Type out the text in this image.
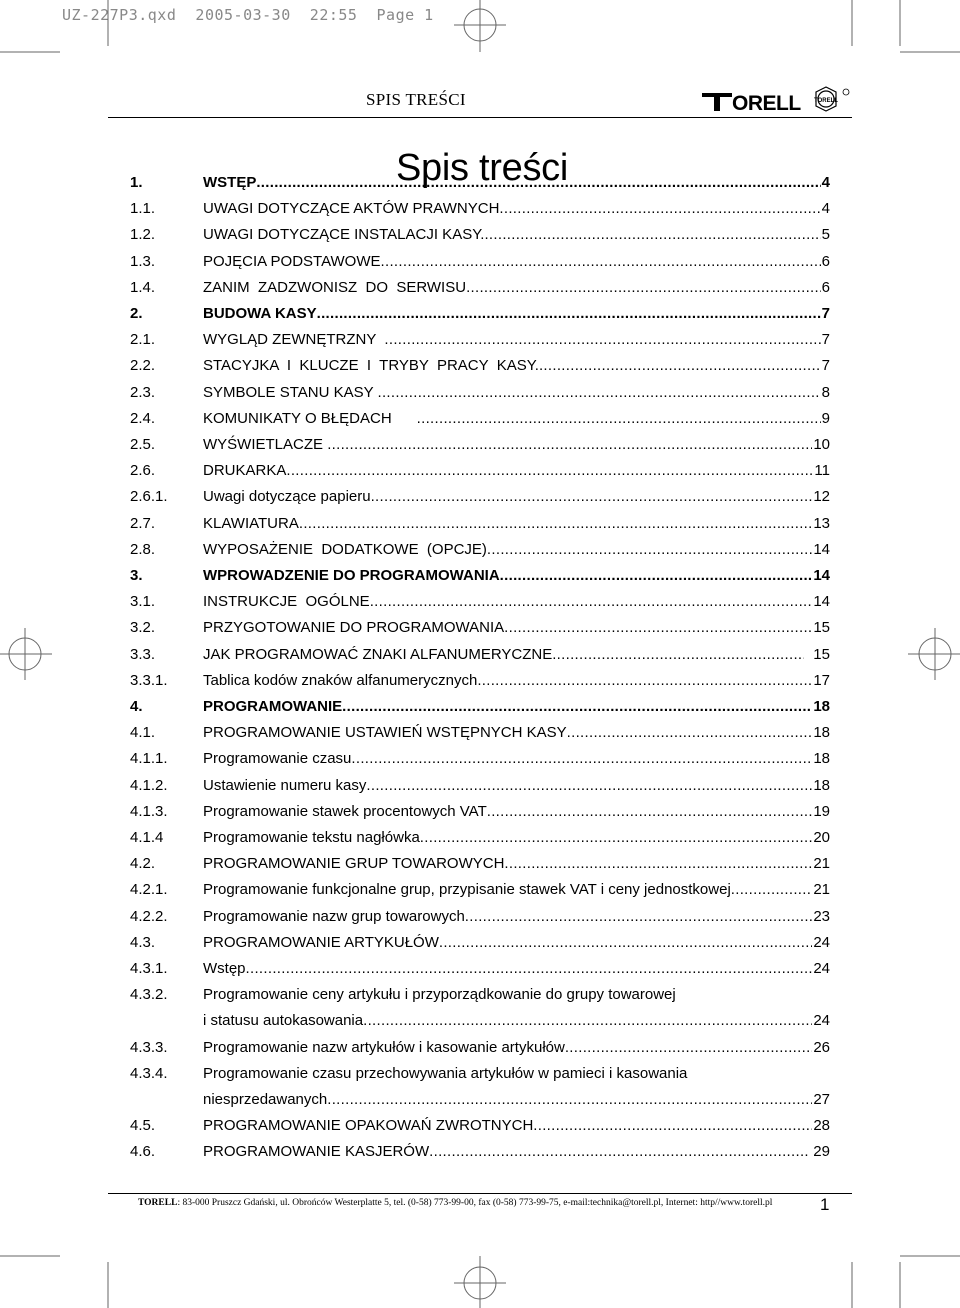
UZ-227P3.qxd  2005-03-30  22:55  Page 1
SPIS TREŚCI	ORELL TORELL
Spis treści
1.	WSTĘP .....	4
1.1.	UWAGI DOTYCZĄCE AKTÓW PRAWNYCH .....	4
1.2.	UWAGI DOTYCZĄCE INSTALACJI KASY. .....	5
1.3.	POJĘCIA PODSTAWOWE .....	6
1.4.	ZANIM  ZADZWONISZ  DO  SERWISU .....	6
2.	BUDOWA KASY .....	7
2.1.	WYGLĄD ZEWNĘTRZNY .....	7
2.2.	STACYJKA  I  KLUCZE  I  TRYBY  PRACY  KASY. .....	7
2.3.	SYMBOLE STANU KASY .....	8
2.4.	KOMUNIKATY O BŁĘDACH .....	9
2.5.	WYŚWIETLACZE .....	10
2.6.	DRUKARKA .....	11
2.6.1.	Uwagi dotyczące papieru .....	12
2.7.	KLAWIATURA .....	13
2.8.	WYPOSAŻENIE  DODATKOWE  (OPCJE) .....	14
3.	WPROWADZENIE DO PROGRAMOWANIA .....	14
3.1.	INSTRUKCJE  OGÓLNE .....	14
3.2.	PRZYGOTOWANIE DO PROGRAMOWANIA .....	15
3.3.	JAK PROGRAMOWAĆ ZNAKI ALFANUMERYCZNE .....	15
3.3.1.	Tablica kodów znaków alfanumerycznych .....	17
4.	PROGRAMOWANIE .....	18
4.1.	PROGRAMOWANIE USTAWIEŃ WSTĘPNYCH KASY .....	18
4.1.1.	Programowanie czasu .....	18
4.1.2.	Ustawienie numeru kasy .....	18
4.1.3.	Programowanie stawek procentowych VAT .....	19
4.1.4	Programowanie tekstu nagłówka .....	20
4.2.	PROGRAMOWANIE GRUP TOWAROWYCH .....	21
4.2.1.	Programowanie funkcjonalne grup, przypisanie stawek VAT i ceny jednostkowej .....	21
4.2.2.	Programowanie nazw grup towarowych .....	23
4.3.	PROGRAMOWANIE ARTYKUŁÓW .....	24
4.3.1.	Wstęp .....	24
4.3.2.	Programowanie ceny artykułu i przyporządkowanie do grupy towarowej
i statusu autokasowania .....	24
4.3.3.	Programowanie nazw artykułów i kasowanie artykułów .....	26
4.3.4.	Programowanie czasu przechowywania artykułów w pamieci i kasowania
niesprzedawanych .....	27
4.5.	PROGRAMOWANIE OPAKOWAŃ ZWROTNYCH .....	28
4.6.	PROGRAMOWANIE KASJERÓW .....	29
TORELL: 83-000 Pruszcz Gdański, ul. Obrońców Westerplatte 5, tel. (0-58) 773-99-00, fax (0-58) 773-99-75, e-mail:technika@torell.pl, Internet: http//www.torell.pl	1
